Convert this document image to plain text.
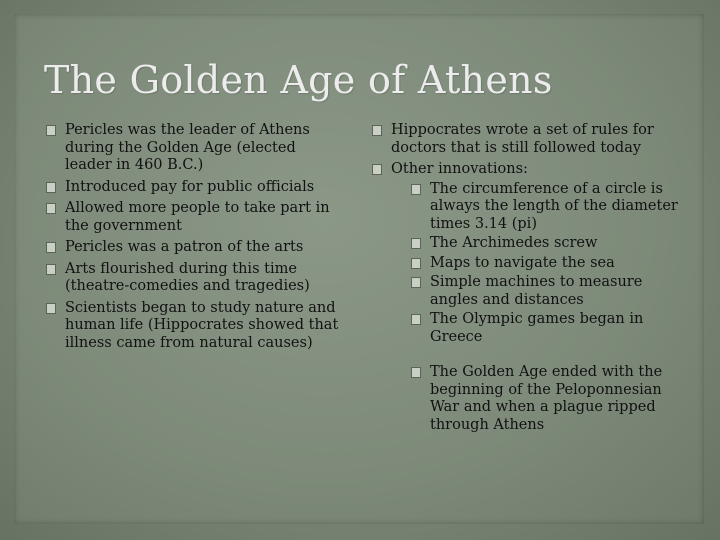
The Golden Age of Athens
Pericles was the leader of Athens during the Golden Age (elected leader in 460 B.C.)
Introduced pay for public officials
Allowed more people to take part in the government
Pericles was a patron of the arts
Arts flourished during this time (theatre-comedies and tragedies)
Scientists began to study nature and human life (Hippocrates showed that illness came from natural causes)
Hippocrates wrote a set of rules for doctors that is still followed today
Other innovations:
The circumference of a circle is always the length of the diameter times 3.14 (pi)
The Archimedes screw
Maps to navigate the sea
Simple machines to measure angles and distances
The Olympic games began in Greece
The Golden Age ended with the beginning of the Peloponnesian War and when a plague ripped through Athens
